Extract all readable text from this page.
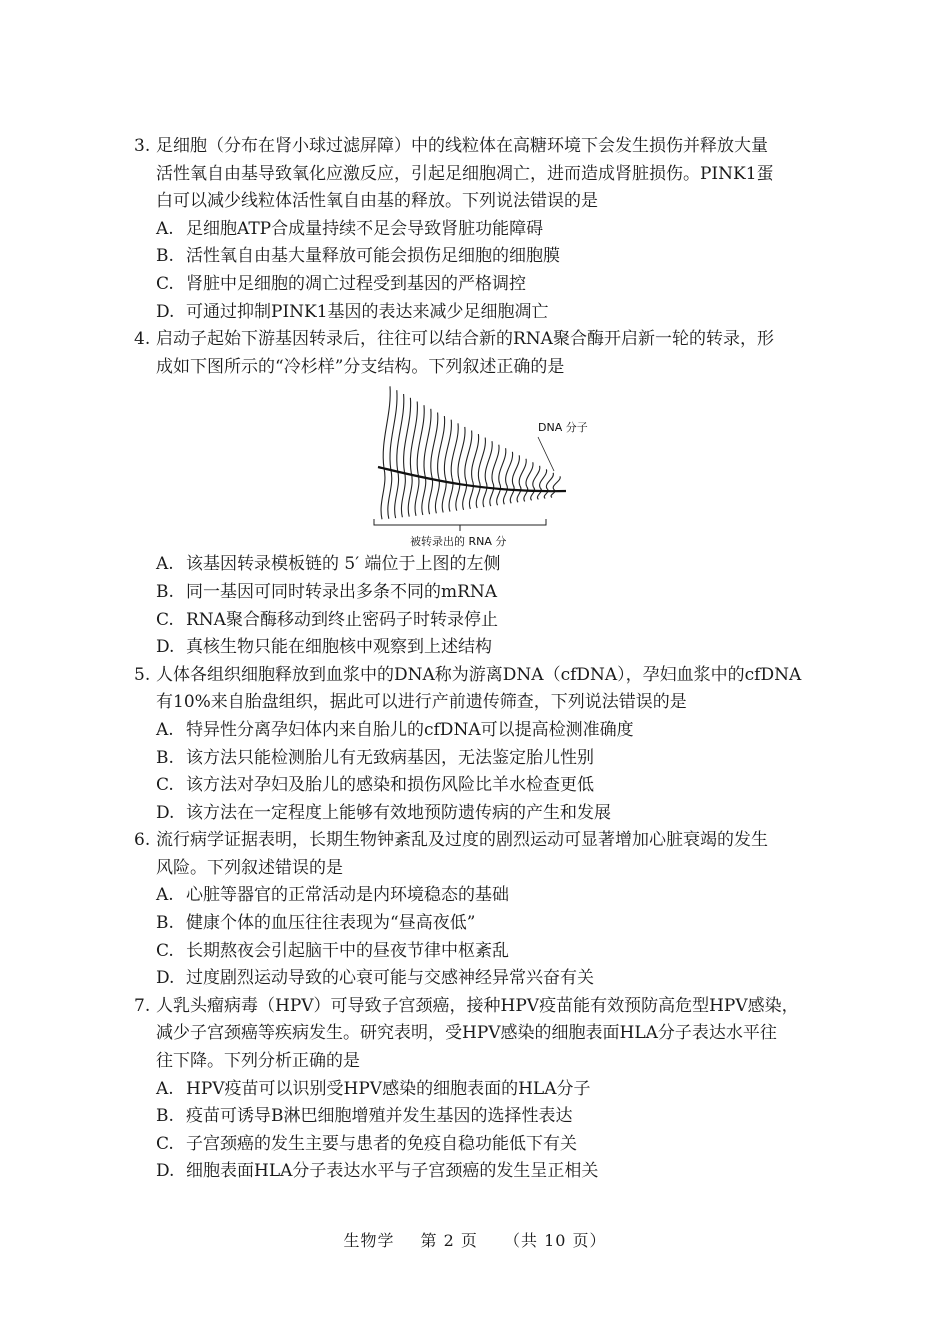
3. 足细胞（分布在肾小球过滤屏障）中的线粒体在高糖环境下会发生损伤并释放大量
活性氧自由基导致氧化应激反应，引起足细胞凋亡，进而造成肾脏损伤。PINK1蛋
白可以减少线粒体活性氧自由基的释放。下列说法错误的是
A. 足细胞ATP合成量持续不足会导致肾脏功能障碍
B. 活性氧自由基大量释放可能会损伤足细胞的细胞膜
C. 肾脏中足细胞的凋亡过程受到基因的严格调控
D. 可通过抑制PINK1基因的表达来减少足细胞凋亡
4. 启动子起始下游基因转录后，往往可以结合新的RNA聚合酶开启新一轮的转录，形
成如下图所示的“冷杉样”分支结构。下列叙述正确的是
DNA 分子
被转录出的 RNA 分
A. 该基因转录模板链的 5′ 端位于上图的左侧
B. 同一基因可同时转录出多条不同的mRNA
C. RNA聚合酶移动到终止密码子时转录停止
D. 真核生物只能在细胞核中观察到上述结构
5. 人体各组织细胞释放到血浆中的DNA称为游离DNA（cfDNA），孕妇血浆中的cfDNA
有10%来自胎盘组织，据此可以进行产前遗传筛查，下列说法错误的是
A. 特异性分离孕妇体内来自胎儿的cfDNA可以提高检测准确度
B. 该方法只能检测胎儿有无致病基因，无法鉴定胎儿性别
C. 该方法对孕妇及胎儿的感染和损伤风险比羊水检查更低
D. 该方法在一定程度上能够有效地预防遗传病的产生和发展
6. 流行病学证据表明，长期生物钟紊乱及过度的剧烈运动可显著增加心脏衰竭的发生
风险。下列叙述错误的是
A. 心脏等器官的正常活动是内环境稳态的基础
B. 健康个体的血压往往表现为“昼高夜低”
C. 长期熬夜会引起脑干中的昼夜节律中枢紊乱
D. 过度剧烈运动导致的心衰可能与交感神经异常兴奋有关
7. 人乳头瘤病毒（HPV）可导致子宫颈癌，接种HPV疫苗能有效预防高危型HPV感染，
减少子宫颈癌等疾病发生。研究表明，受HPV感染的细胞表面HLA分子表达水平往
往下降。下列分析正确的是
A. HPV疫苗可以识别受HPV感染的细胞表面的HLA分子
B. 疫苗可诱导B淋巴细胞增殖并发生基因的选择性表达
C. 子宫颈癌的发生主要与患者的免疫自稳功能低下有关
D. 细胞表面HLA分子表达水平与子宫颈癌的发生呈正相关
生物学 第 2 页 （共 10 页）
